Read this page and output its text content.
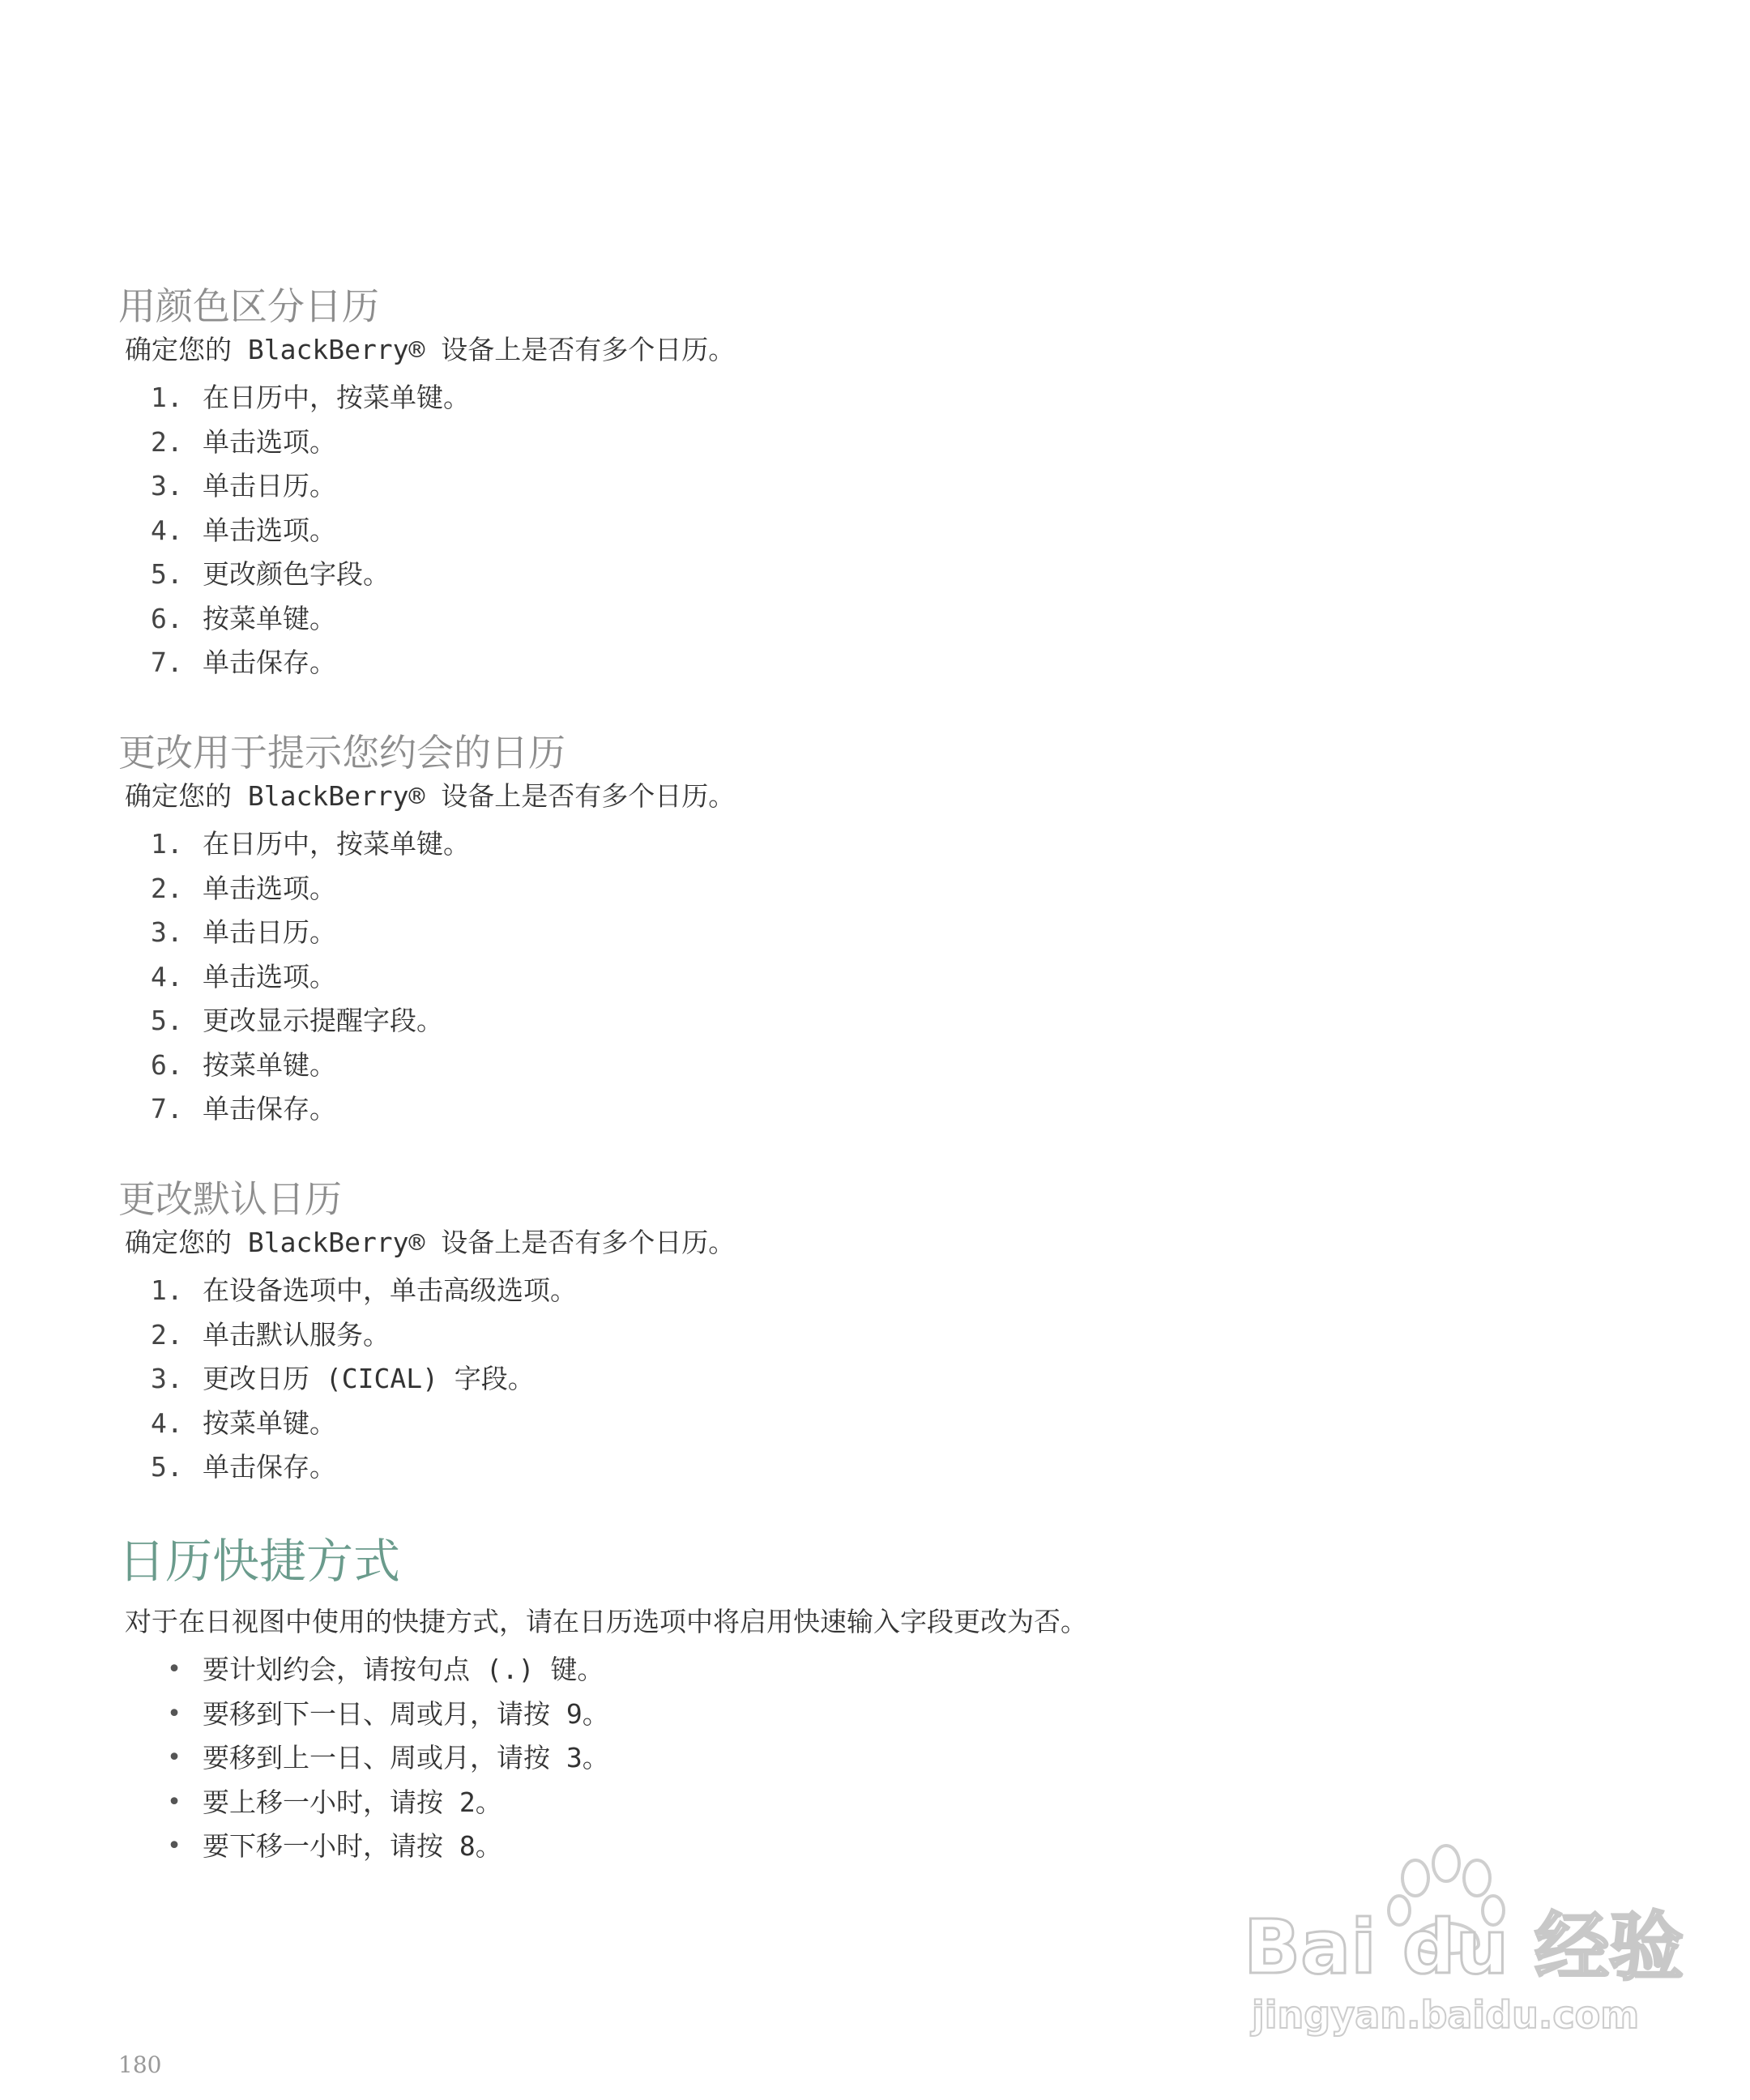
用颜色区分日历
确定您的 BlackBerry® 设备上是否有多个日历。
1. 在日历中，按菜单键。
2. 单击选项。
3. 单击日历。
4. 单击选项。
5. 更改颜色字段。
6. 按菜单键。
7. 单击保存。
更改用于提示您约会的日历
确定您的 BlackBerry® 设备上是否有多个日历。
1. 在日历中，按菜单键。
2. 单击选项。
3. 单击日历。
4. 单击选项。
5. 更改显示提醒字段。
6. 按菜单键。
7. 单击保存。
更改默认日历
确定您的 BlackBerry® 设备上是否有多个日历。
1. 在设备选项中，单击高级选项。
2. 单击默认服务。
3. 更改日历 (CICAL) 字段。
4. 按菜单键。
5. 单击保存。
日历快捷方式
对于在日视图中使用的快捷方式，请在日历选项中将启用快速输入字段更改为否。
• 要计划约会，请按句点 (.) 键。
• 要移到下一日、周或月，请按 9。
• 要移到上一日、周或月，请按 3。
• 要上移一小时，请按 2。
• 要下移一小时，请按 8。
Bai du 经验
jingyan.baidu.com
180
